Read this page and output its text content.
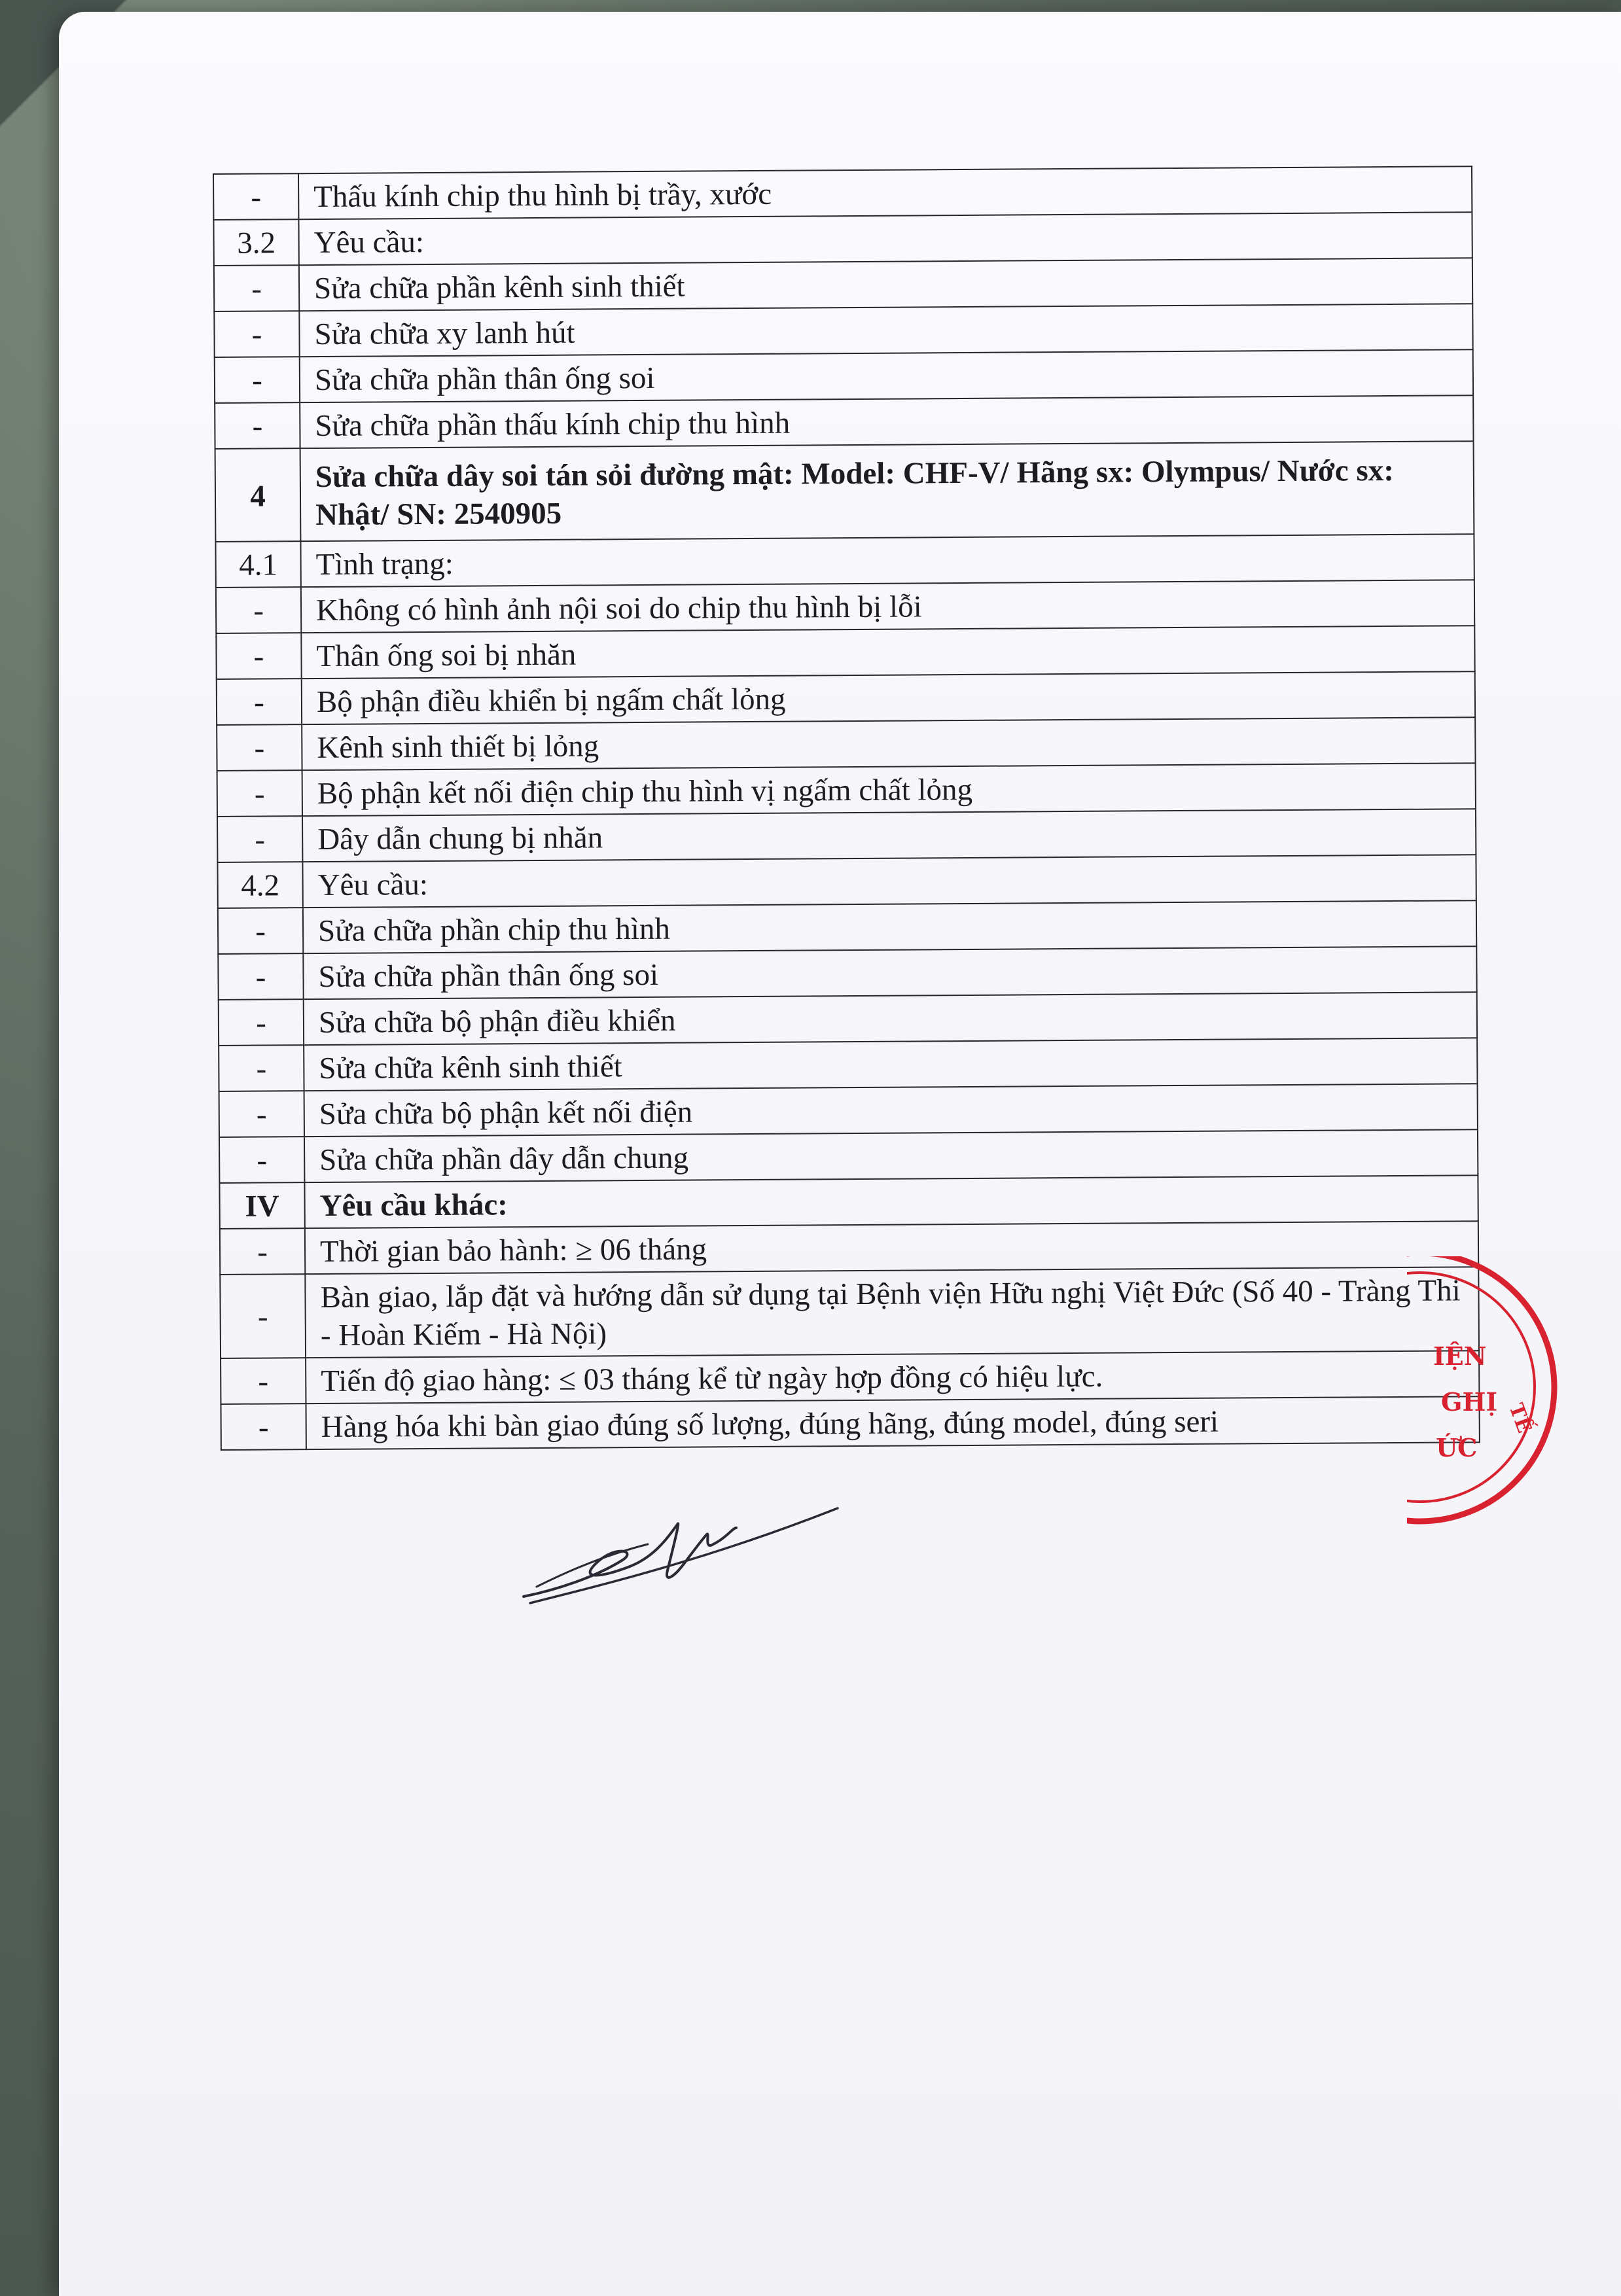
-	Thấu kính chip thu hình bị trầy, xước
3.2	Yêu cầu:
-	Sửa chữa phần kênh sinh thiết
-	Sửa chữa xy lanh hút
-	Sửa chữa phần thân ống soi
-	Sửa chữa phần thấu kính chip thu hình
4	Sửa chữa dây soi tán sỏi đường mật: Model: CHF-V/ Hãng sx: Olympus/ Nước sx: Nhật/ SN: 2540905
4.1	Tình trạng:
-	Không có hình ảnh nội soi do chip thu hình bị lỗi
-	Thân ống soi bị nhăn
-	Bộ phận điều khiển bị ngấm chất lỏng
-	Kênh sinh thiết bị lỏng
-	Bộ phận kết nối điện chip thu hình vị ngấm chất lỏng
-	Dây dẫn chung bị nhăn
4.2	Yêu cầu:
-	Sửa chữa phần chip thu hình
-	Sửa chữa phần thân ống soi
-	Sửa chữa bộ phận điều khiển
-	Sửa chữa kênh sinh thiết
-	Sửa chữa bộ phận kết nối điện
-	Sửa chữa phần dây dẫn chung
IV	Yêu cầu khác:
-	Thời gian bảo hành: ≥ 06 tháng
-	Bàn giao, lắp đặt và hướng dẫn sử dụng tại Bệnh viện Hữu nghị Việt Đức (Số 40 - Tràng Thi - Hoàn Kiếm - Hà Nội)
-	Tiến độ giao hàng: ≤ 03 tháng kể từ ngày hợp đồng có hiệu lực.
-	Hàng hóa khi bàn giao đúng số lượng, đúng hãng, đúng model, đúng seri
IỆN
GHỊ
ỨC
TẾ
